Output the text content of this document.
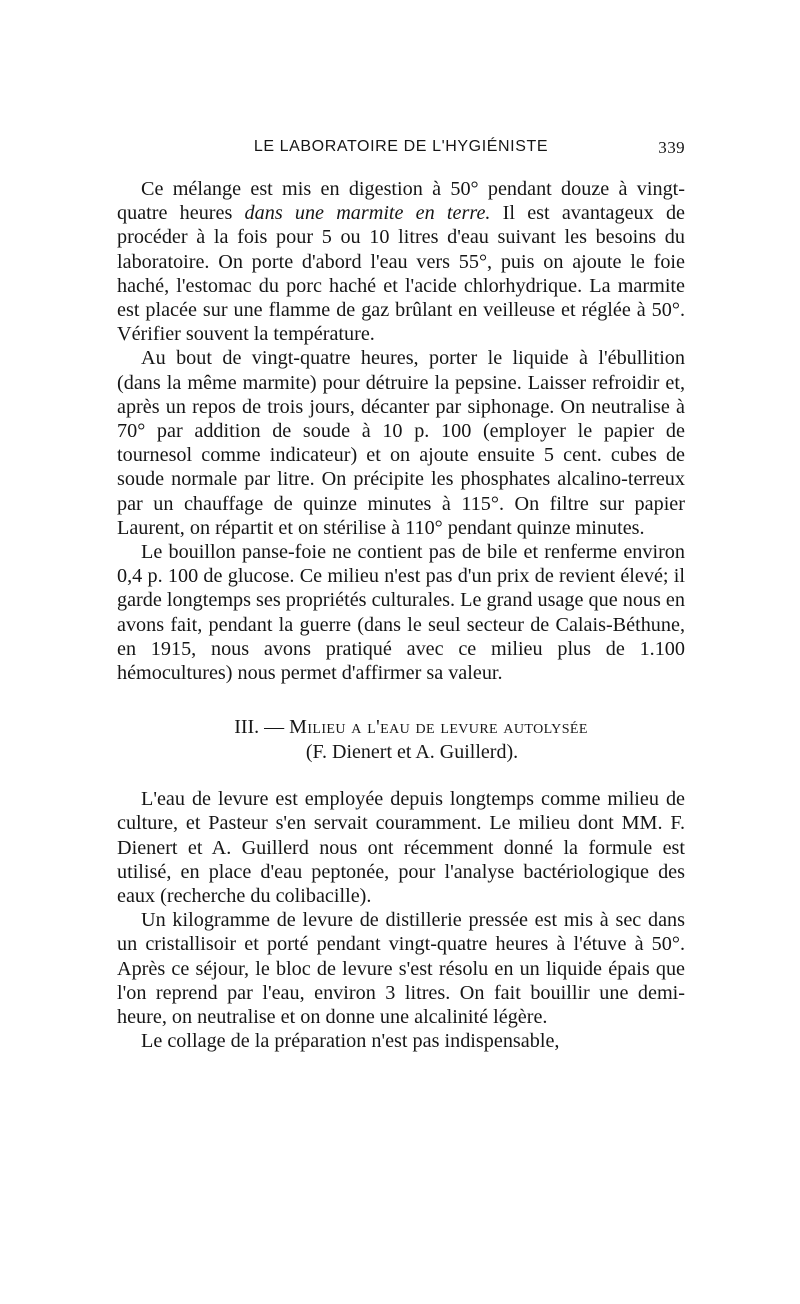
LE LABORATOIRE DE L'HYGIÉNISTE	339

Ce mélange est mis en digestion à 50° pendant douze à vingt-quatre heures dans une marmite en terre. Il est avantageux de procéder à la fois pour 5 ou 10 litres d'eau suivant les besoins du laboratoire. On porte d'abord l'eau vers 55°, puis on ajoute le foie haché, l'estomac du porc haché et l'acide chlorhydrique. La marmite est placée sur une flamme de gaz brûlant en veilleuse et réglée à 50°. Vérifier souvent la température.

Au bout de vingt-quatre heures, porter le liquide à l'ébullition (dans la même marmite) pour détruire la pepsine. Laisser refroidir et, après un repos de trois jours, décanter par siphonage. On neutralise à 70° par addition de soude à 10 p. 100 (employer le papier de tournesol comme indicateur) et on ajoute ensuite 5 cent. cubes de soude normale par litre. On précipite les phosphates alcalino-terreux par un chauffage de quinze minutes à 115°. On filtre sur papier Laurent, on répartit et on stérilise à 110° pendant quinze minutes.

Le bouillon panse-foie ne contient pas de bile et renferme environ 0,4 p. 100 de glucose. Ce milieu n'est pas d'un prix de revient élevé; il garde longtemps ses propriétés culturales. Le grand usage que nous en avons fait, pendant la guerre (dans le seul secteur de Calais-Béthune, en 1915, nous avons pratiqué avec ce milieu plus de 1.100 hémocultures) nous permet d'affirmer sa valeur.

III. — Milieu a l'eau de levure autolysée
(F. Dienert et A. Guillerd).

L'eau de levure est employée depuis longtemps comme milieu de culture, et Pasteur s'en servait couramment. Le milieu dont MM. F. Dienert et A. Guillerd nous ont récemment donné la formule est utilisé, en place d'eau peptonée, pour l'analyse bactériologique des eaux (recherche du colibacille).

Un kilogramme de levure de distillerie pressée est mis à sec dans un cristallisoir et porté pendant vingt-quatre heures à l'étuve à 50°. Après ce séjour, le bloc de levure s'est résolu en un liquide épais que l'on reprend par l'eau, environ 3 litres. On fait bouillir une demi-heure, on neutralise et on donne une alcalinité légère.

Le collage de la préparation n'est pas indispensable,
